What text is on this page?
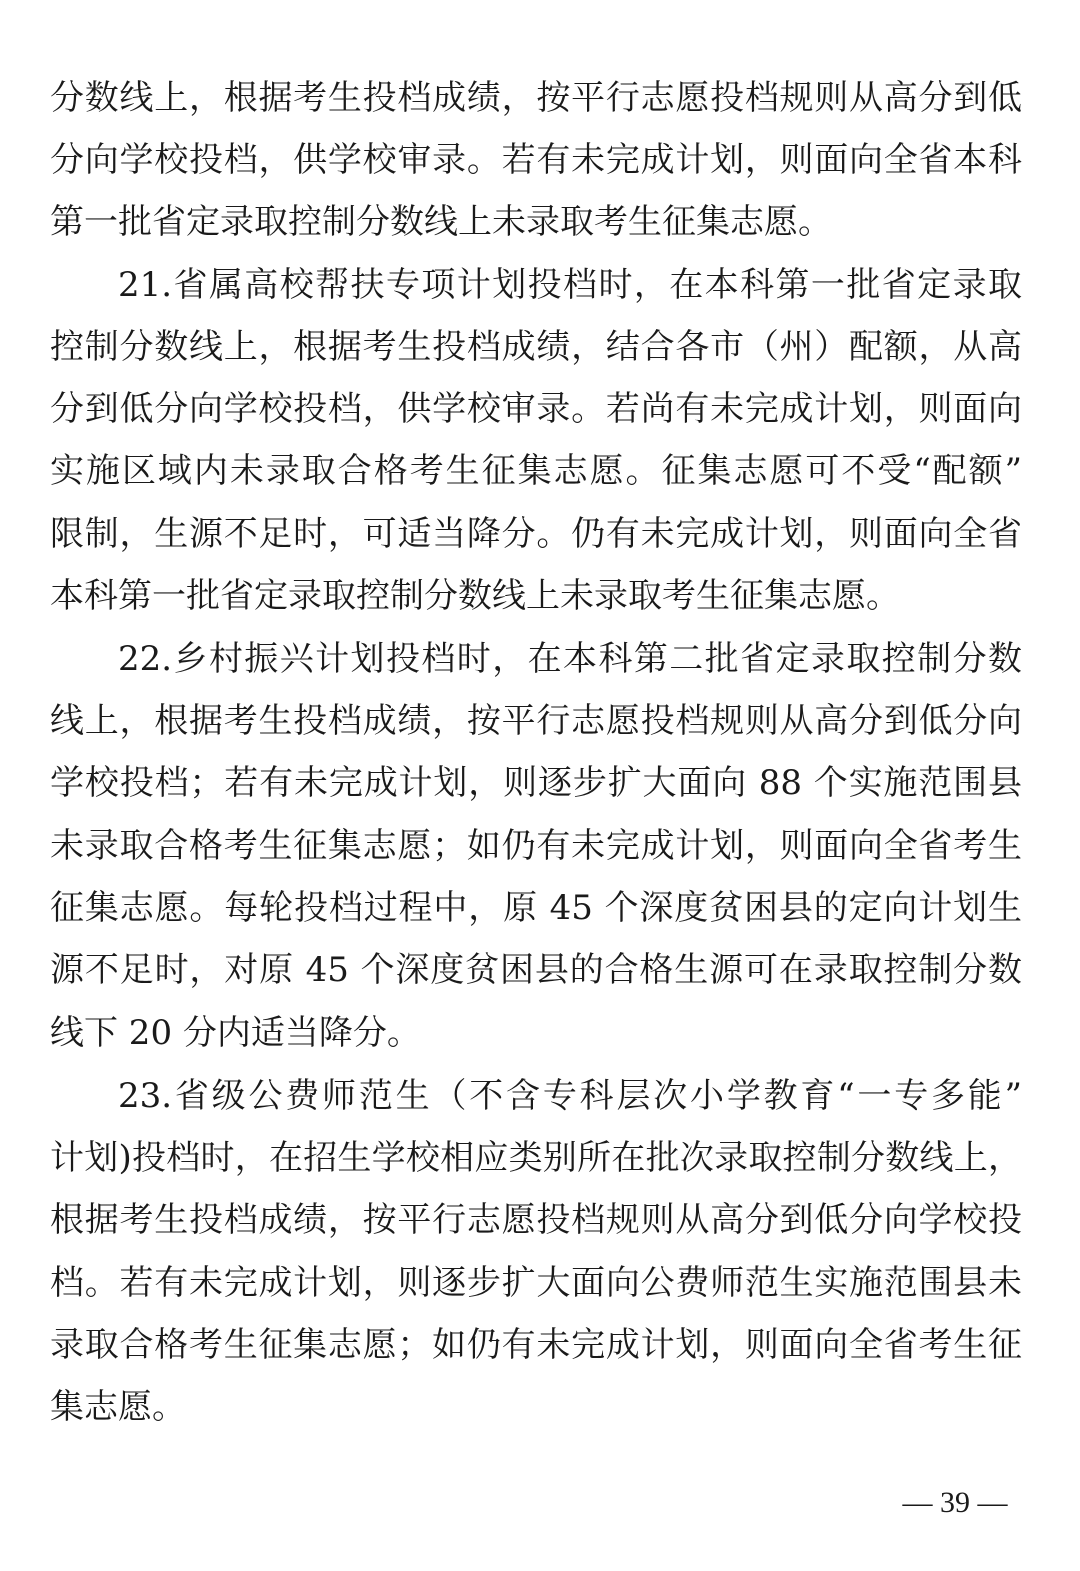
分数线上，根据考生投档成绩，按平行志愿投档规则从高分到低
分向学校投档，供学校审录。若有未完成计划，则面向全省本科
第一批省定录取控制分数线上未录取考生征集志愿。
21.省属高校帮扶专项计划投档时，在本科第一批省定录取
控制分数线上，根据考生投档成绩，结合各市（州）配额，从高
分到低分向学校投档，供学校审录。若尚有未完成计划，则面向
实施区域内未录取合格考生征集志愿。征集志愿可不受“配额”
限制，生源不足时，可适当降分。仍有未完成计划，则面向全省
本科第一批省定录取控制分数线上未录取考生征集志愿。
22.乡村振兴计划投档时，在本科第二批省定录取控制分数
线上，根据考生投档成绩，按平行志愿投档规则从高分到低分向
学校投档；若有未完成计划，则逐步扩大面向 88 个实施范围县
未录取合格考生征集志愿；如仍有未完成计划，则面向全省考生
征集志愿。每轮投档过程中，原 45 个深度贫困县的定向计划生
源不足时，对原 45 个深度贫困县的合格生源可在录取控制分数
线下 20 分内适当降分。
23.省级公费师范生（不含专科层次小学教育“一专多能”
计划)投档时，在招生学校相应类别所在批次录取控制分数线上，
根据考生投档成绩，按平行志愿投档规则从高分到低分向学校投
档。若有未完成计划，则逐步扩大面向公费师范生实施范围县未
录取合格考生征集志愿；如仍有未完成计划，则面向全省考生征
集志愿。
— 39 —
